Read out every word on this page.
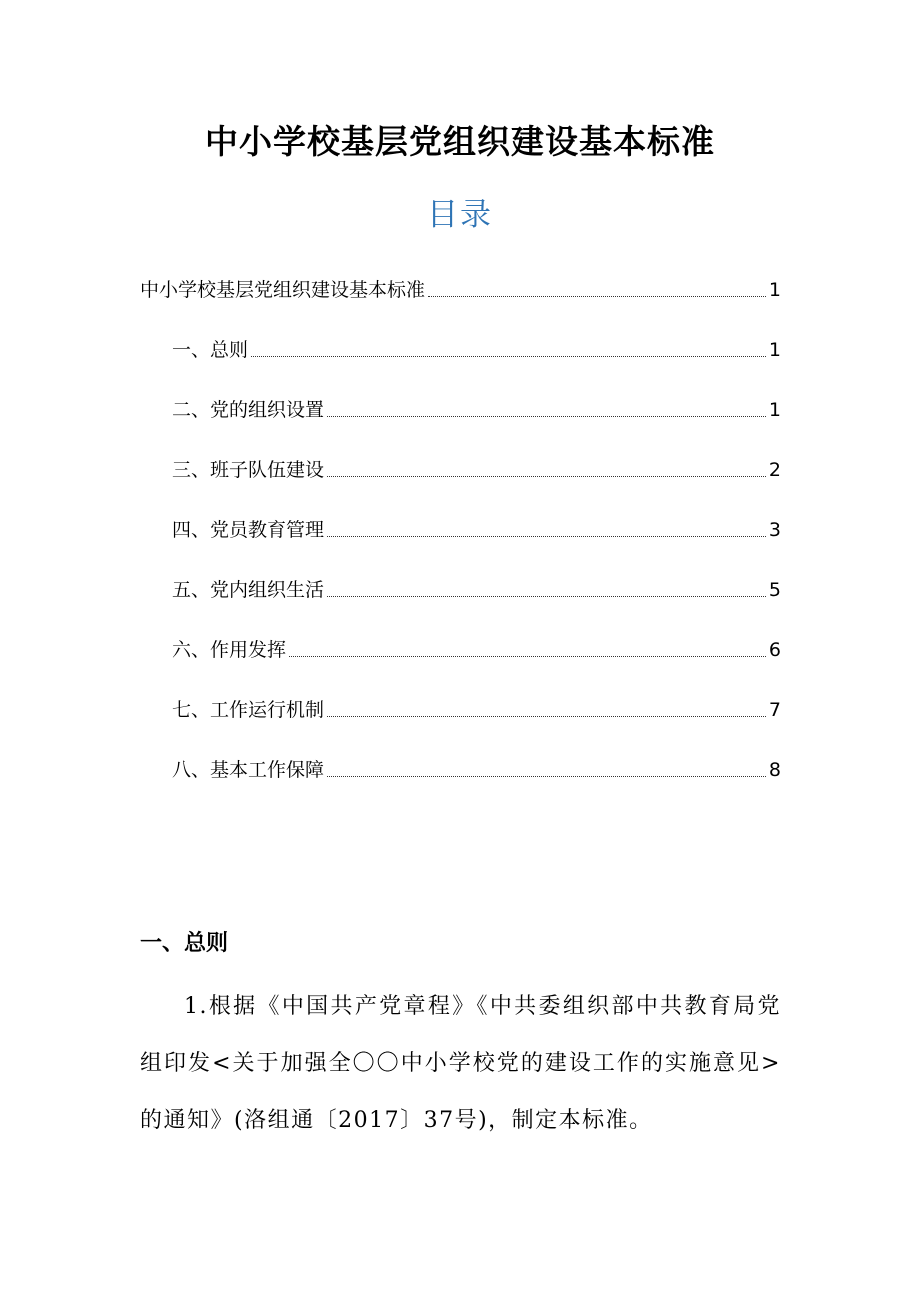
中小学校基层党组织建设基本标准
目录
中小学校基层党组织建设基本标准	1
一、总则	1
二、党的组织设置	1
三、班子队伍建设	2
四、党员教育管理	3
五、党内组织生活	5
六、作用发挥	6
七、工作运行机制	7
八、基本工作保障	8
一、总则
1.根据《中国共产党章程》《中共委组织部中共教育局党组印发<关于加强全〇〇中小学校党的建设工作的实施意见>的通知》(洛组通〔2017〕37号)，制定本标准。
